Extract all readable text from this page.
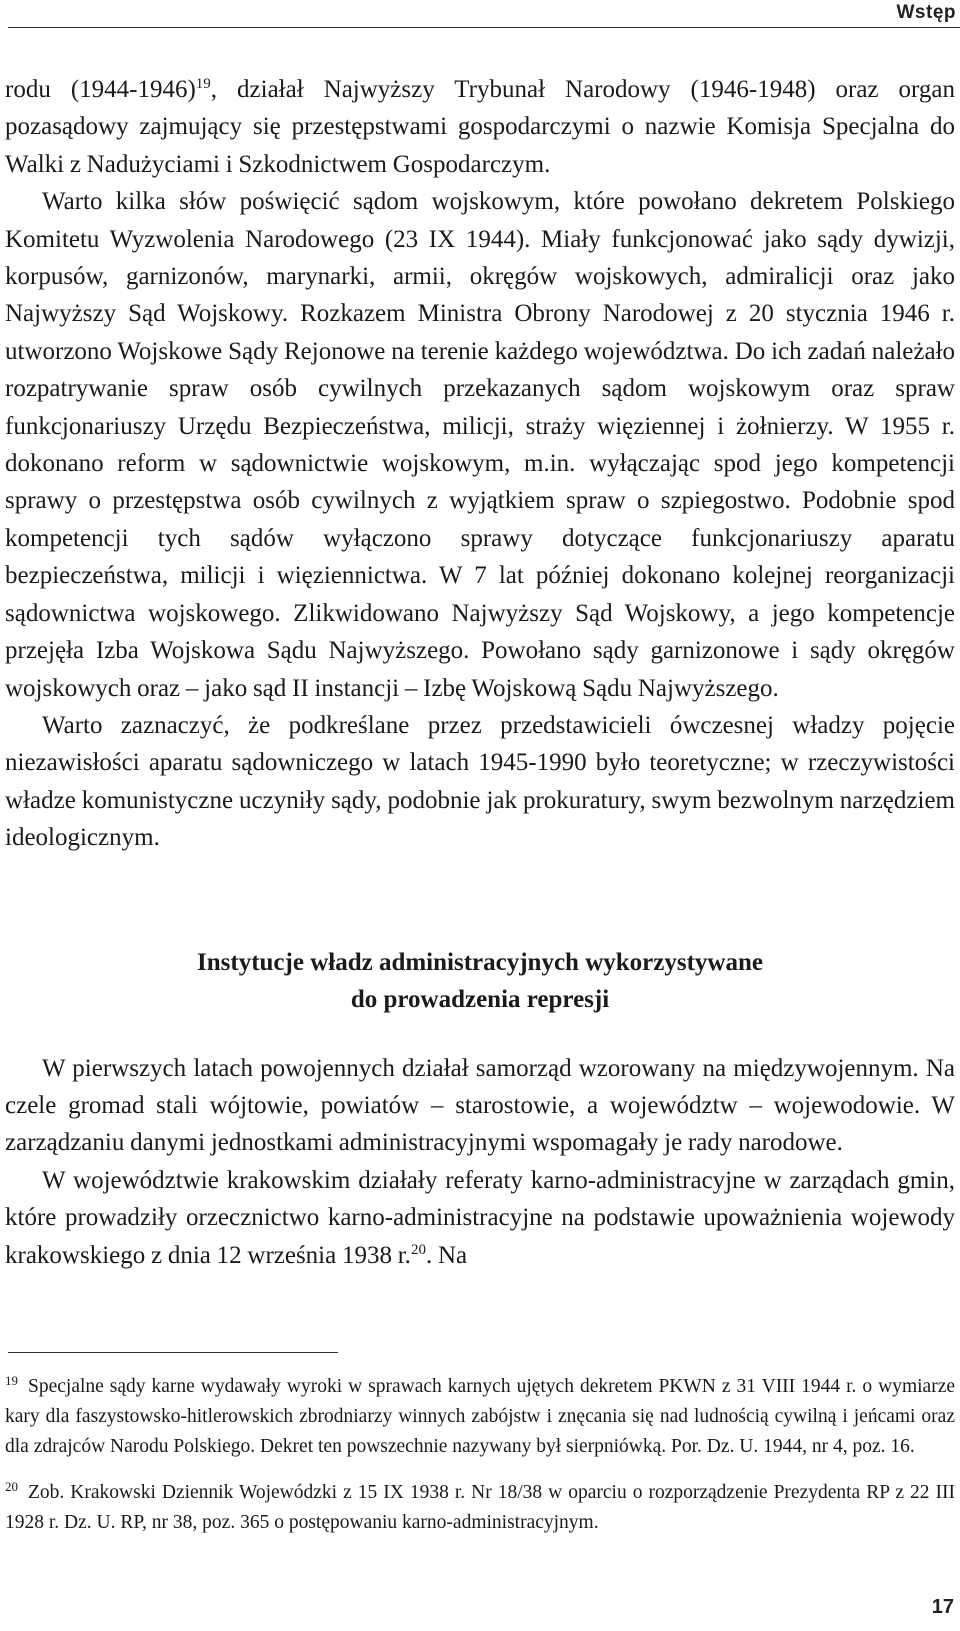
Wstęp

rodu (1944-1946)$^{19}$, działał Najwyższy Trybunał Narodowy (1946-1948) oraz organ pozasądowy zajmujący się przestępstwami gospodarczymi o nazwie Komisja Specjalna do Walki z Nadużyciami i Szkodnictwem Gospodarczym.

Warto kilka słów poświęcić sądom wojskowym, które powołano dekretem Polskiego Komitetu Wyzwolenia Narodowego (23 IX 1944). Miały funkcjonować jako sądy dywizji, korpusów, garnizonów, marynarki, armii, okręgów wojskowych, admiralicji oraz jako Najwyższy Sąd Wojskowy. Rozkazem Ministra Obrony Narodowej z 20 stycznia 1946 r. utworzono Wojskowe Sądy Rejonowe na terenie każdego województwa. Do ich zadań należało rozpatrywanie spraw osób cywilnych przekazanych sądom wojskowym oraz spraw funkcjonariuszy Urzędu Bezpieczeństwa, milicji, straży więziennej i żołnierzy. W 1955 r. dokonano reform w sądownictwie wojskowym, m.in. wyłączając spod jego kompetencji sprawy o przestępstwa osób cywilnych z wyjątkiem spraw o szpiegostwo. Podobnie spod kompetencji tych sądów wyłączono sprawy dotyczące funkcjonariuszy aparatu bezpieczeństwa, milicji i więziennictwa. W 7 lat później dokonano kolejnej reorganizacji sądownictwa wojskowego. Zlikwidowano Najwyższy Sąd Wojskowy, a jego kompetencje przejęła Izba Wojskowa Sądu Najwyższego. Powołano sądy garnizonowe i sądy okręgów wojskowych oraz – jako sąd II instancji – Izbę Wojskową Sądu Najwyższego.

Warto zaznaczyć, że podkreślane przez przedstawicieli ówczesnej władzy pojęcie niezawisłości aparatu sądowniczego w latach 1945-1990 było teoretyczne; w rzeczywistości władze komunistyczne uczyniły sądy, podobnie jak prokuratury, swym bezwolnym narzędziem ideologicznym.

Instytucje władz administracyjnych wykorzystywane
do prowadzenia represji

W pierwszych latach powojennych działał samorząd wzorowany na międzywojennym. Na czele gromad stali wójtowie, powiatów – starostowie, a województw – wojewodowie. W zarządzaniu danymi jednostkami administracyjnymi wspomagały je rady narodowe.

W województwie krakowskim działały referaty karno-administracyjne w zarządach gmin, które prowadziły orzecznictwo karno-administracyjne na podstawie upoważnienia wojewody krakowskiego z dnia 12 września 1938 r.$^{20}$. Na

$^{19}$ Specjalne sądy karne wydawały wyroki w sprawach karnych ujętych dekretem PKWN z 31 VIII 1944 r. o wymiarze kary dla faszystowsko-hitlerowskich zbrodniarzy winnych zabójstw i znęcania się nad ludnością cywilną i jeńcami oraz dla zdrajców Narodu Polskiego. Dekret ten powszechnie nazywany był sierpniówką. Por. Dz. U. 1944, nr 4, poz. 16.

$^{20}$ Zob. Krakowski Dziennik Wojewódzki z 15 IX 1938 r. Nr 18/38 w oparciu o rozporządzenie Prezydenta RP z 22 III 1928 r. Dz. U. RP, nr 38, poz. 365 o postępowaniu karno-administracyjnym.

17
